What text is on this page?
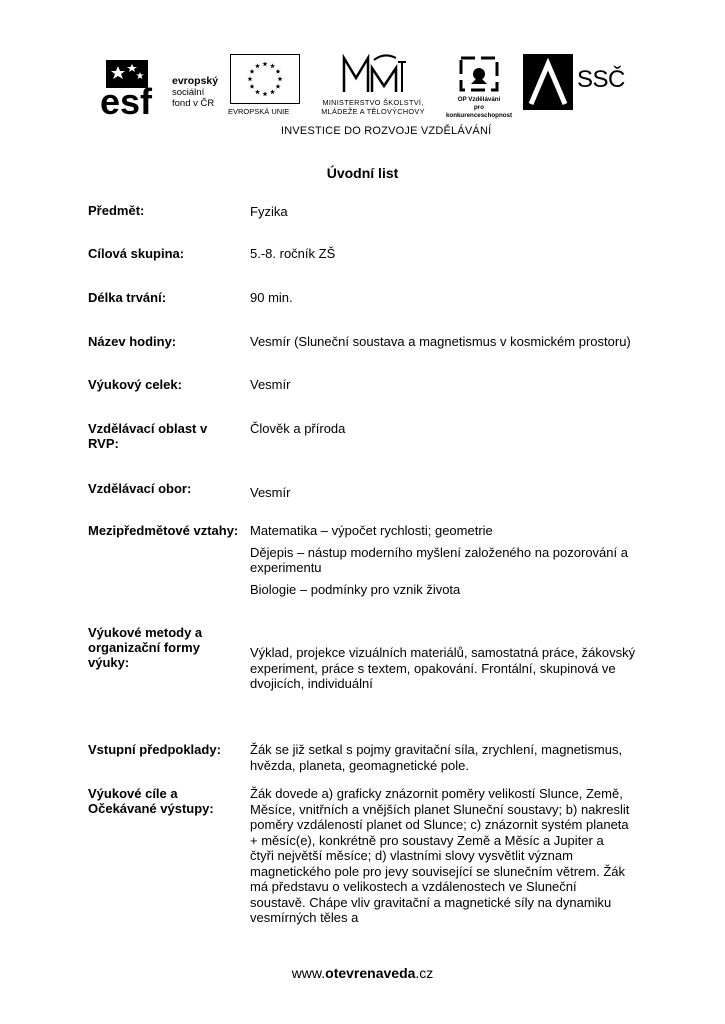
esf evropský
sociální
fond v ČR
EVROPSKÁ UNIE
MINISTERSTVO ŠKOLSTVÍ,
MLÁDEŽE A TĚLOVÝCHOVY
OP Vzdělávání
pro konkurenceschopnost
SSČ
INVESTICE DO ROZVOJE VZDĚLÁVÁNÍ
Úvodní list
Předmět:	Fyzika
Cílová skupina:	5.-8. ročník ZŠ
Délka trvání:	90 min.
Název hodiny:	Vesmír (Sluneční soustava a magnetismus v kosmickém prostoru)
Výukový celek:	Vesmír
Vzdělávací oblast v RVP:
Člověk a příroda
Vzdělávací obor:	Vesmír
Mezipředmětové vztahy: Matematika – výpočet rychlosti; geometrie

Dějepis – nástup moderního myšlení založeného na pozorování a experimentu

Biologie – podmínky pro vznik života

Výukové metody a organizační formy výuky:
Výklad, projekce vizuálních materiálů, samostatná práce, žákovský experiment, práce s textem, opakování. Frontální, skupinová ve dvojicích, individuální
Vstupní předpoklady:	Žák se již setkal s pojmy gravitační síla, zrychlení, magnetismus, hvězda, planeta, geomagnetické pole.
Výukové cíle a Očekávané výstupy:
Žák dovede a) graficky znázornit poměry velikostí Slunce, Země, Měsíce, vnitřních a vnějších planet Sluneční soustavy; b) nakreslit poměry vzdáleností planet od Slunce; c) znázornit systém planeta + měsíc(e), konkrétně pro soustavy Země a Měsíc a Jupiter a čtyři největší měsíce; d) vlastními slovy vysvětlit význam magnetického pole pro jevy související se slunečním větrem. Žák má představu o velikostech a vzdálenostech ve Sluneční soustavě. Chápe vliv gravitační a magnetické síly na dynamiku vesmírných těles a
www.otevrenaveda.cz
